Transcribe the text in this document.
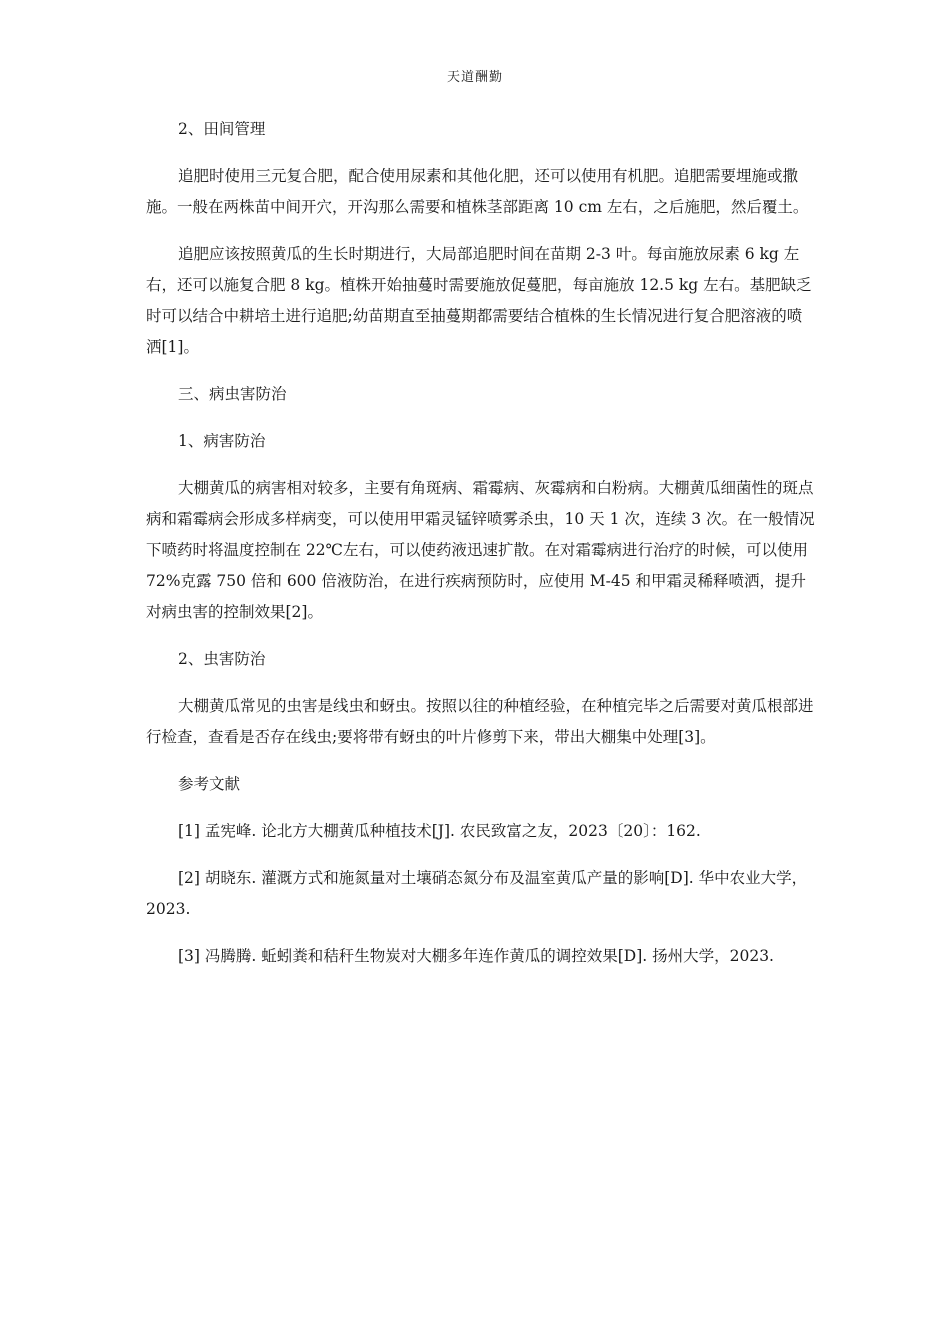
天道酬勤
2、田间管理
追肥时使用三元复合肥，配合使用尿素和其他化肥，还可以使用有机肥。追肥需要埋施或撒施。一般在两株苗中间开穴，开沟那么需要和植株茎部距离 10 cm 左右，之后施肥，然后覆土。
追肥应该按照黄瓜的生长时期进行，大局部追肥时间在苗期 2-3 叶。每亩施放尿素 6 kg 左右，还可以施复合肥 8 kg。植株开始抽蔓时需要施放促蔓肥，每亩施放 12.5 kg 左右。基肥缺乏时可以结合中耕培土进行追肥;幼苗期直至抽蔓期都需要结合植株的生长情况进行复合肥溶液的喷洒[1]。
三、病虫害防治
1、病害防治
大棚黄瓜的病害相对较多，主要有角斑病、霜霉病、灰霉病和白粉病。大棚黄瓜细菌性的斑点病和霜霉病会形成多样病变，可以使用甲霜灵锰锌喷雾杀虫，10 天 1 次，连续 3 次。在一般情况下喷药时将温度控制在 22℃左右，可以使药液迅速扩散。在对霜霉病进行治疗的时候，可以使用 72%克露 750 倍和 600 倍液防治，在进行疾病预防时，应使用 M-45 和甲霜灵稀释喷洒，提升对病虫害的控制效果[2]。
2、虫害防治
大棚黄瓜常见的虫害是线虫和蚜虫。按照以往的种植经验，在种植完毕之后需要对黄瓜根部进行检查，查看是否存在线虫;要将带有蚜虫的叶片修剪下来，带出大棚集中处理[3]。
参考文献
[1] 孟宪峰. 论北方大棚黄瓜种植技术[J]. 农民致富之友，2023〔20〕：162.
[2] 胡晓东. 灌溉方式和施氮量对土壤硝态氮分布及温室黄瓜产量的影响[D]. 华中农业大学，2023.
[3] 冯腾腾. 蚯蚓粪和秸秆生物炭对大棚多年连作黄瓜的调控效果[D]. 扬州大学，2023.
